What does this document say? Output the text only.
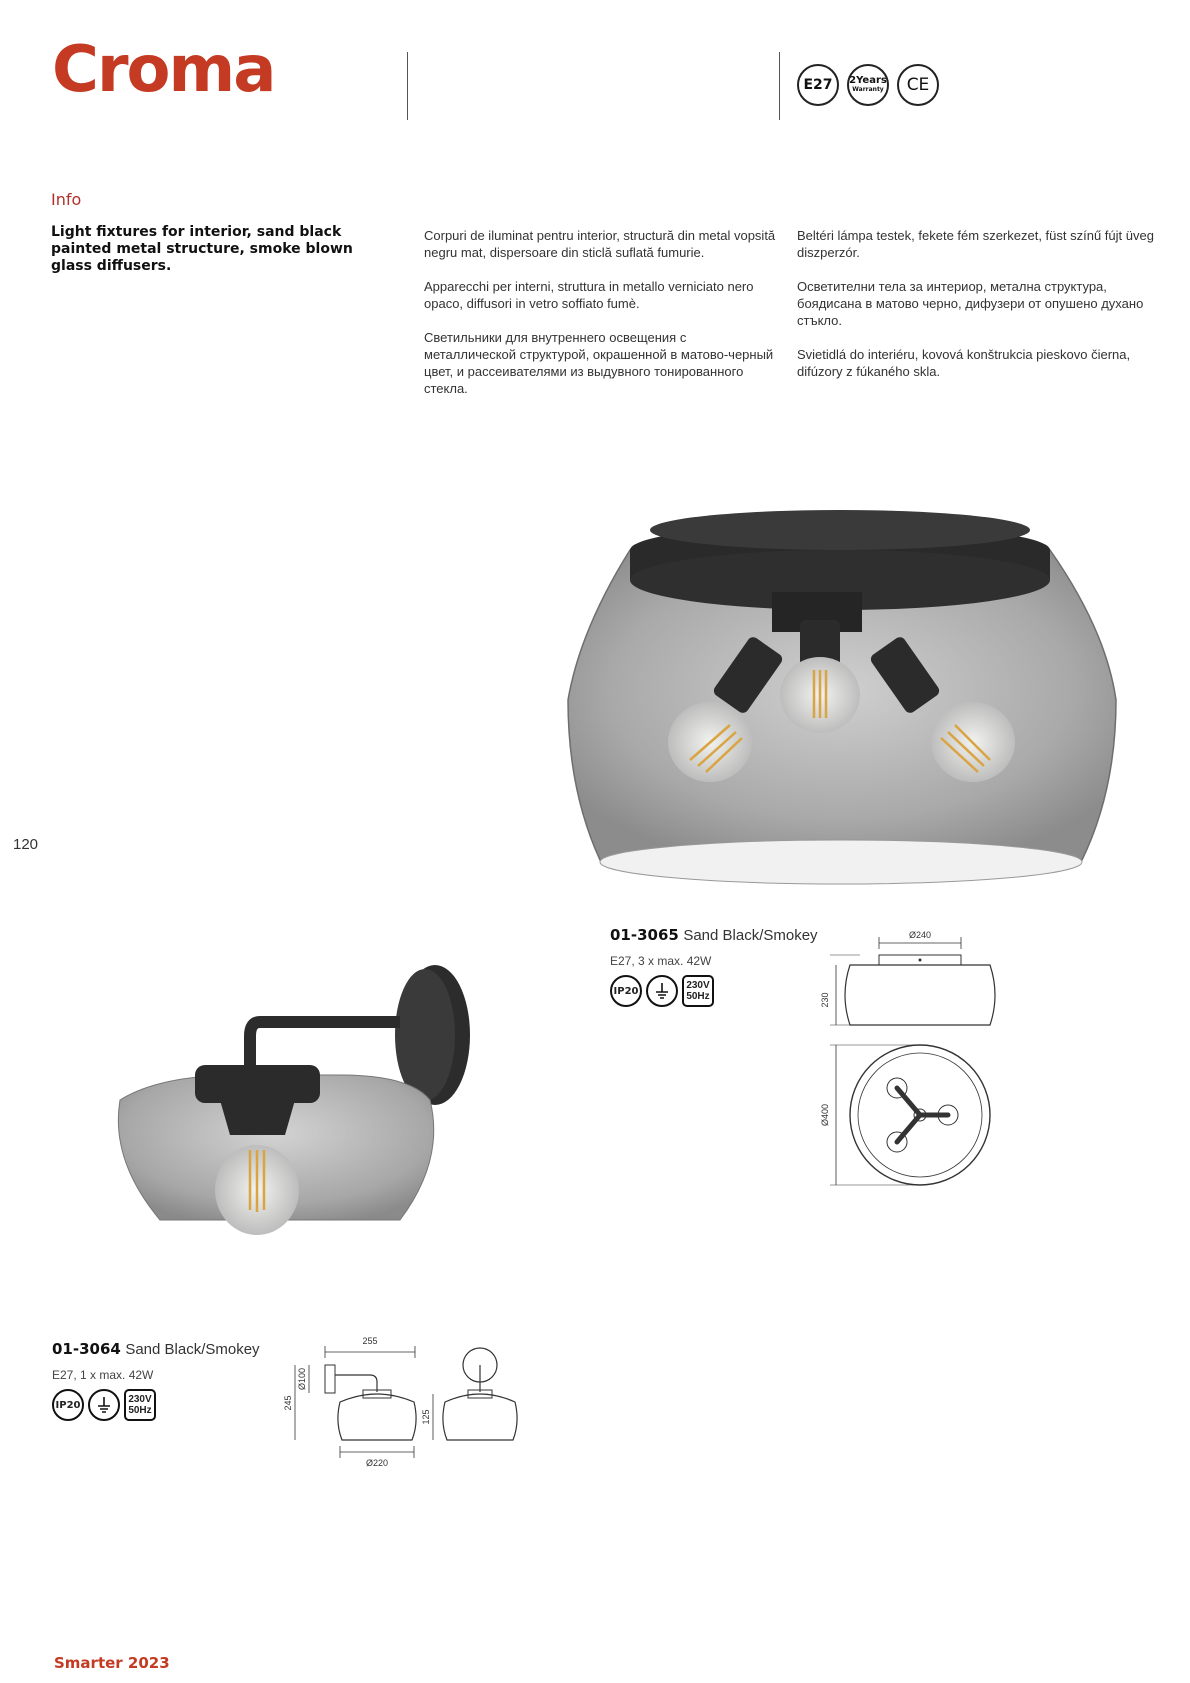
Croma	E27 2Years
Warranty CE
Info
Light fixtures for interior, sand black painted metal structure, smoke blown glass diffusers.

Corpuri de iluminat pentru interior, structură din metal vopsită negru mat, dispersoare din sticlă suflată fumurie.

Apparecchi per interni, struttura in metallo verniciato nero opaco, diffusori in vetro soffiato fumè.

Светильники для внутреннего освещения с металлической структурой, окрашенной в матово-черный цвет, и рассеивателями из выдувного тонированного стекла.

Beltéri lámpa testek, fekete fém szerkezet, füst színű fújt üveg diszperzór.

Осветителни тела за интериор, метална структура, боядисана в матово черно, дифузери от опушено духано стъкло.

Svietidlá do interiéru, kovová konštrukcia pieskovo čierna, difúzory z fúkaného skla.

01-3065 Sand Black/Smokey
E27, 3 x max. 42W
IP20	230V
50Hz
Ø240
230
Ø400
120
01-3064 Sand Black/Smokey
E27, 1 x max. 42W
IP20	230V
50Hz
255
Ø100
245
Ø220
125
Smarter 2023
